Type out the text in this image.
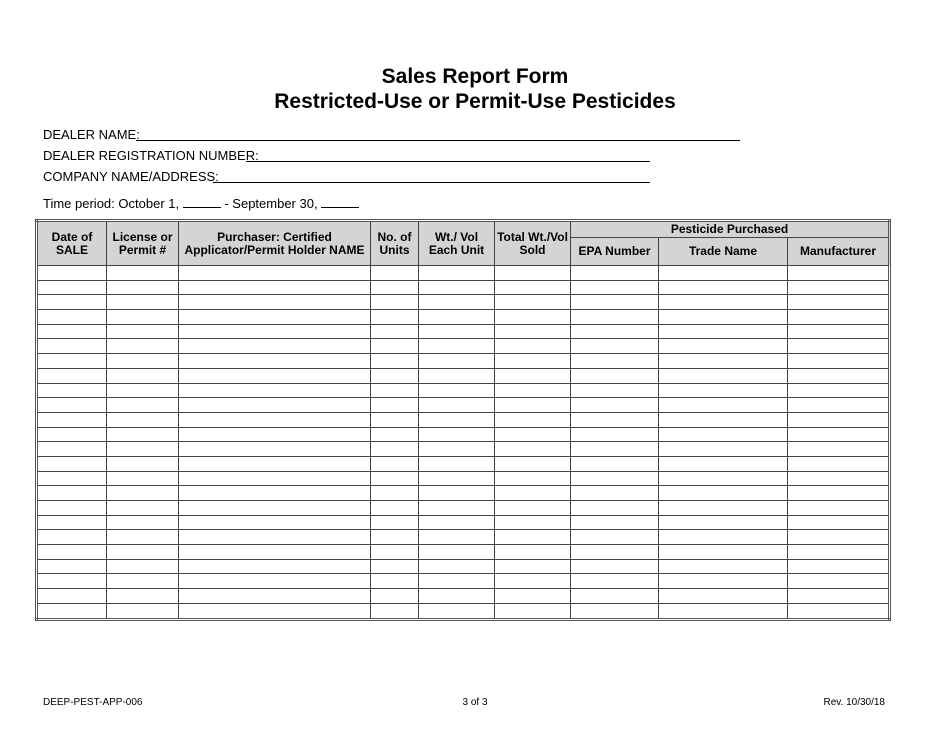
Sales Report Form
Restricted-Use or Permit-Use Pesticides
DEALER NAME:
DEALER REGISTRATION NUMBER:
COMPANY NAME/ADDRESS:
Time period: October 1,	- September 30,
Date of SALE	License or Permit #	Purchaser: Certified Applicator/Permit Holder NAME	No. of Units	Wt./ Vol Each Unit	Total Wt./Vol Sold	Pesticide Purchased		
						EPA Number	Trade Name	Manufacturer

DEEP-PEST-APP-006	3 of 3	Rev. 10/30/18
